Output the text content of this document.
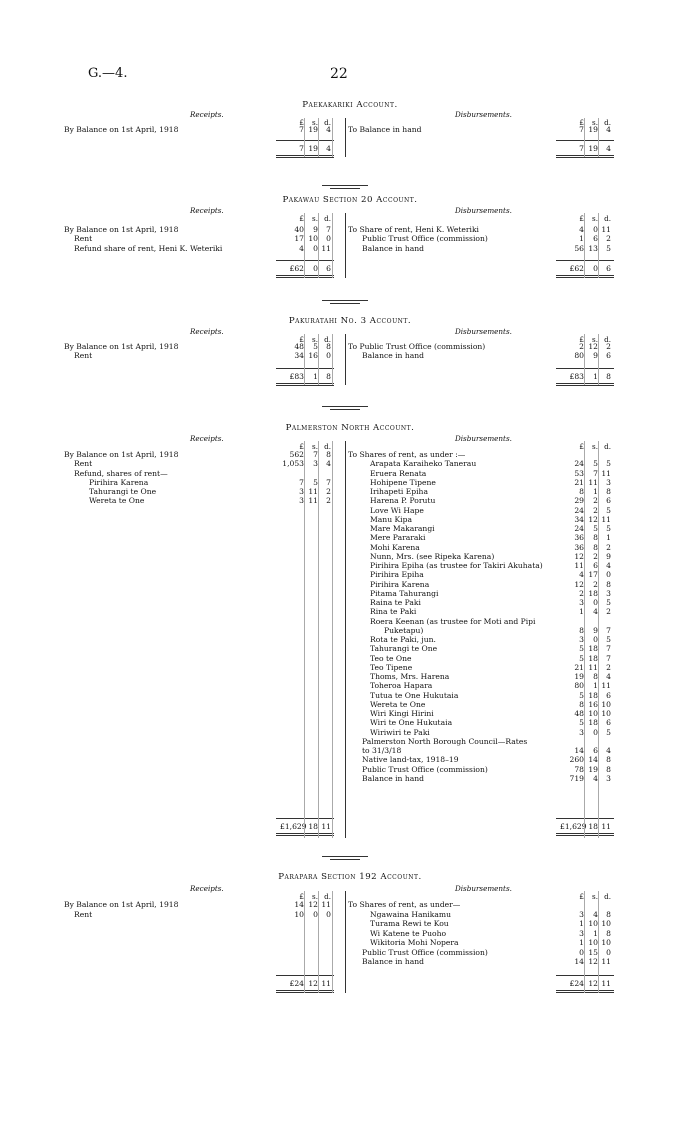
G.—4.	22
Paekakariki Account.
Receipts.	Disbursements.
£ s. d.	£ s. d.
By Balance on 1st April, 1918	7 19 4 To Balance in hand	7 19 4
7 19 4	7 19 4
Pakawau Section 20 Account.
Receipts.	Disbursements.
£ s. d.	£ s. d.
By Balance on 1st April, 1918	40 9 7
Rent	17 10 0
Refund share of rent, Heni K. Weteriki	4 0 11
To Share of rent, Heni K. Weteriki	4 0 11
Public Trust Office (commission)	1 6 2
Balance in hand	56 13 5
£62 0 6	£62 0 6
Pakuratahi No. 3 Account.
Receipts.	Disbursements.
£ s. d.	£ s. d.
By Balance on 1st April, 1918	48 5 8
Rent	34 16 0
To Public Trust Office (commission)	2 12 2
Balance in hand	80 9 6
£83 1 8	£83 1 8
Palmerston North Account.
Receipts.	Disbursements.
£ s. d.	£ s. d.
By Balance on 1st April, 1918	562 7 8
Rent	1,053 3 4
Refund, shares of rent—
Pirihira Karena	7 5 7
Tahurangi te One	3 11 2
Wereta te One	3 11 2
To Shares of rent, as under :—
Arapata Karaiheko Tanerau	24 5 5
Eruera Renata	53 7 11
Hohipene Tipene	21 11 3
Irihapeti Epiha	8 1 8
Harena P. Porutu	29 2 6
Love Wi Hape	24 2 5
Manu Kipa	34 12 11
Mare Makarangi	24 5 5
Mere Pararaki	36 8 1
Mohi Karena	36 8 2
Nunn, Mrs. (see Ripeka Karena)	12 2 9
Pirihira Epiha (as trustee for Takiri Akuhata)	11 6 4
Pirihira Epiha	4 17 0
Pirihira Karena	12 2 8
Pitama Tahurangi	2 18 3
Raina te Paki	3 0 5
Rina te Paki	1 4 2
Roera Keenan (as trustee for Moti and Pipi
Puketapu)	8 9 7
Rota te Paki, jun.	3 0 5
Tahurangi te One	5 18 7
Teo te One	5 18 7
Teo Tipene	21 11 2
Thoms, Mrs. Harena	19 8 4
Toheroa Hapara	80 1 11
Tutua te One Hukutaia	5 18 6
Wereta te One	8 16 10
Wiri Kingi Hirini	48 10 10
Wiri te One Hukutaia	5 18 6
Wiriwiri te Paki	3 0 5
Palmerston North Borough Council—Rates
to 31/3/18	14 6 4
Native land-tax, 1918–19	260 14 8
Public Trust Office (commission)	78 19 8
Balance in hand	719 4 3
£1,629 18 11	£1,629 18 11
Parapara Section 192 Account.
Receipts.	Disbursements.
£ s. d.	£ s. d.
By Balance on 1st April, 1918	14 12 11
Rent	10 0 0
To Shares of rent, as under—
Ngawaina Hanikamu	3 4 8
Turama Rewi te Kou	1 10 10
Wi Katene te Puoho	3 1 8
Wikitoria Mohi Nopera	1 10 10
Public Trust Office (commission)	0 15 0
Balance in hand	14 12 11
£24 12 11	£24 12 11
